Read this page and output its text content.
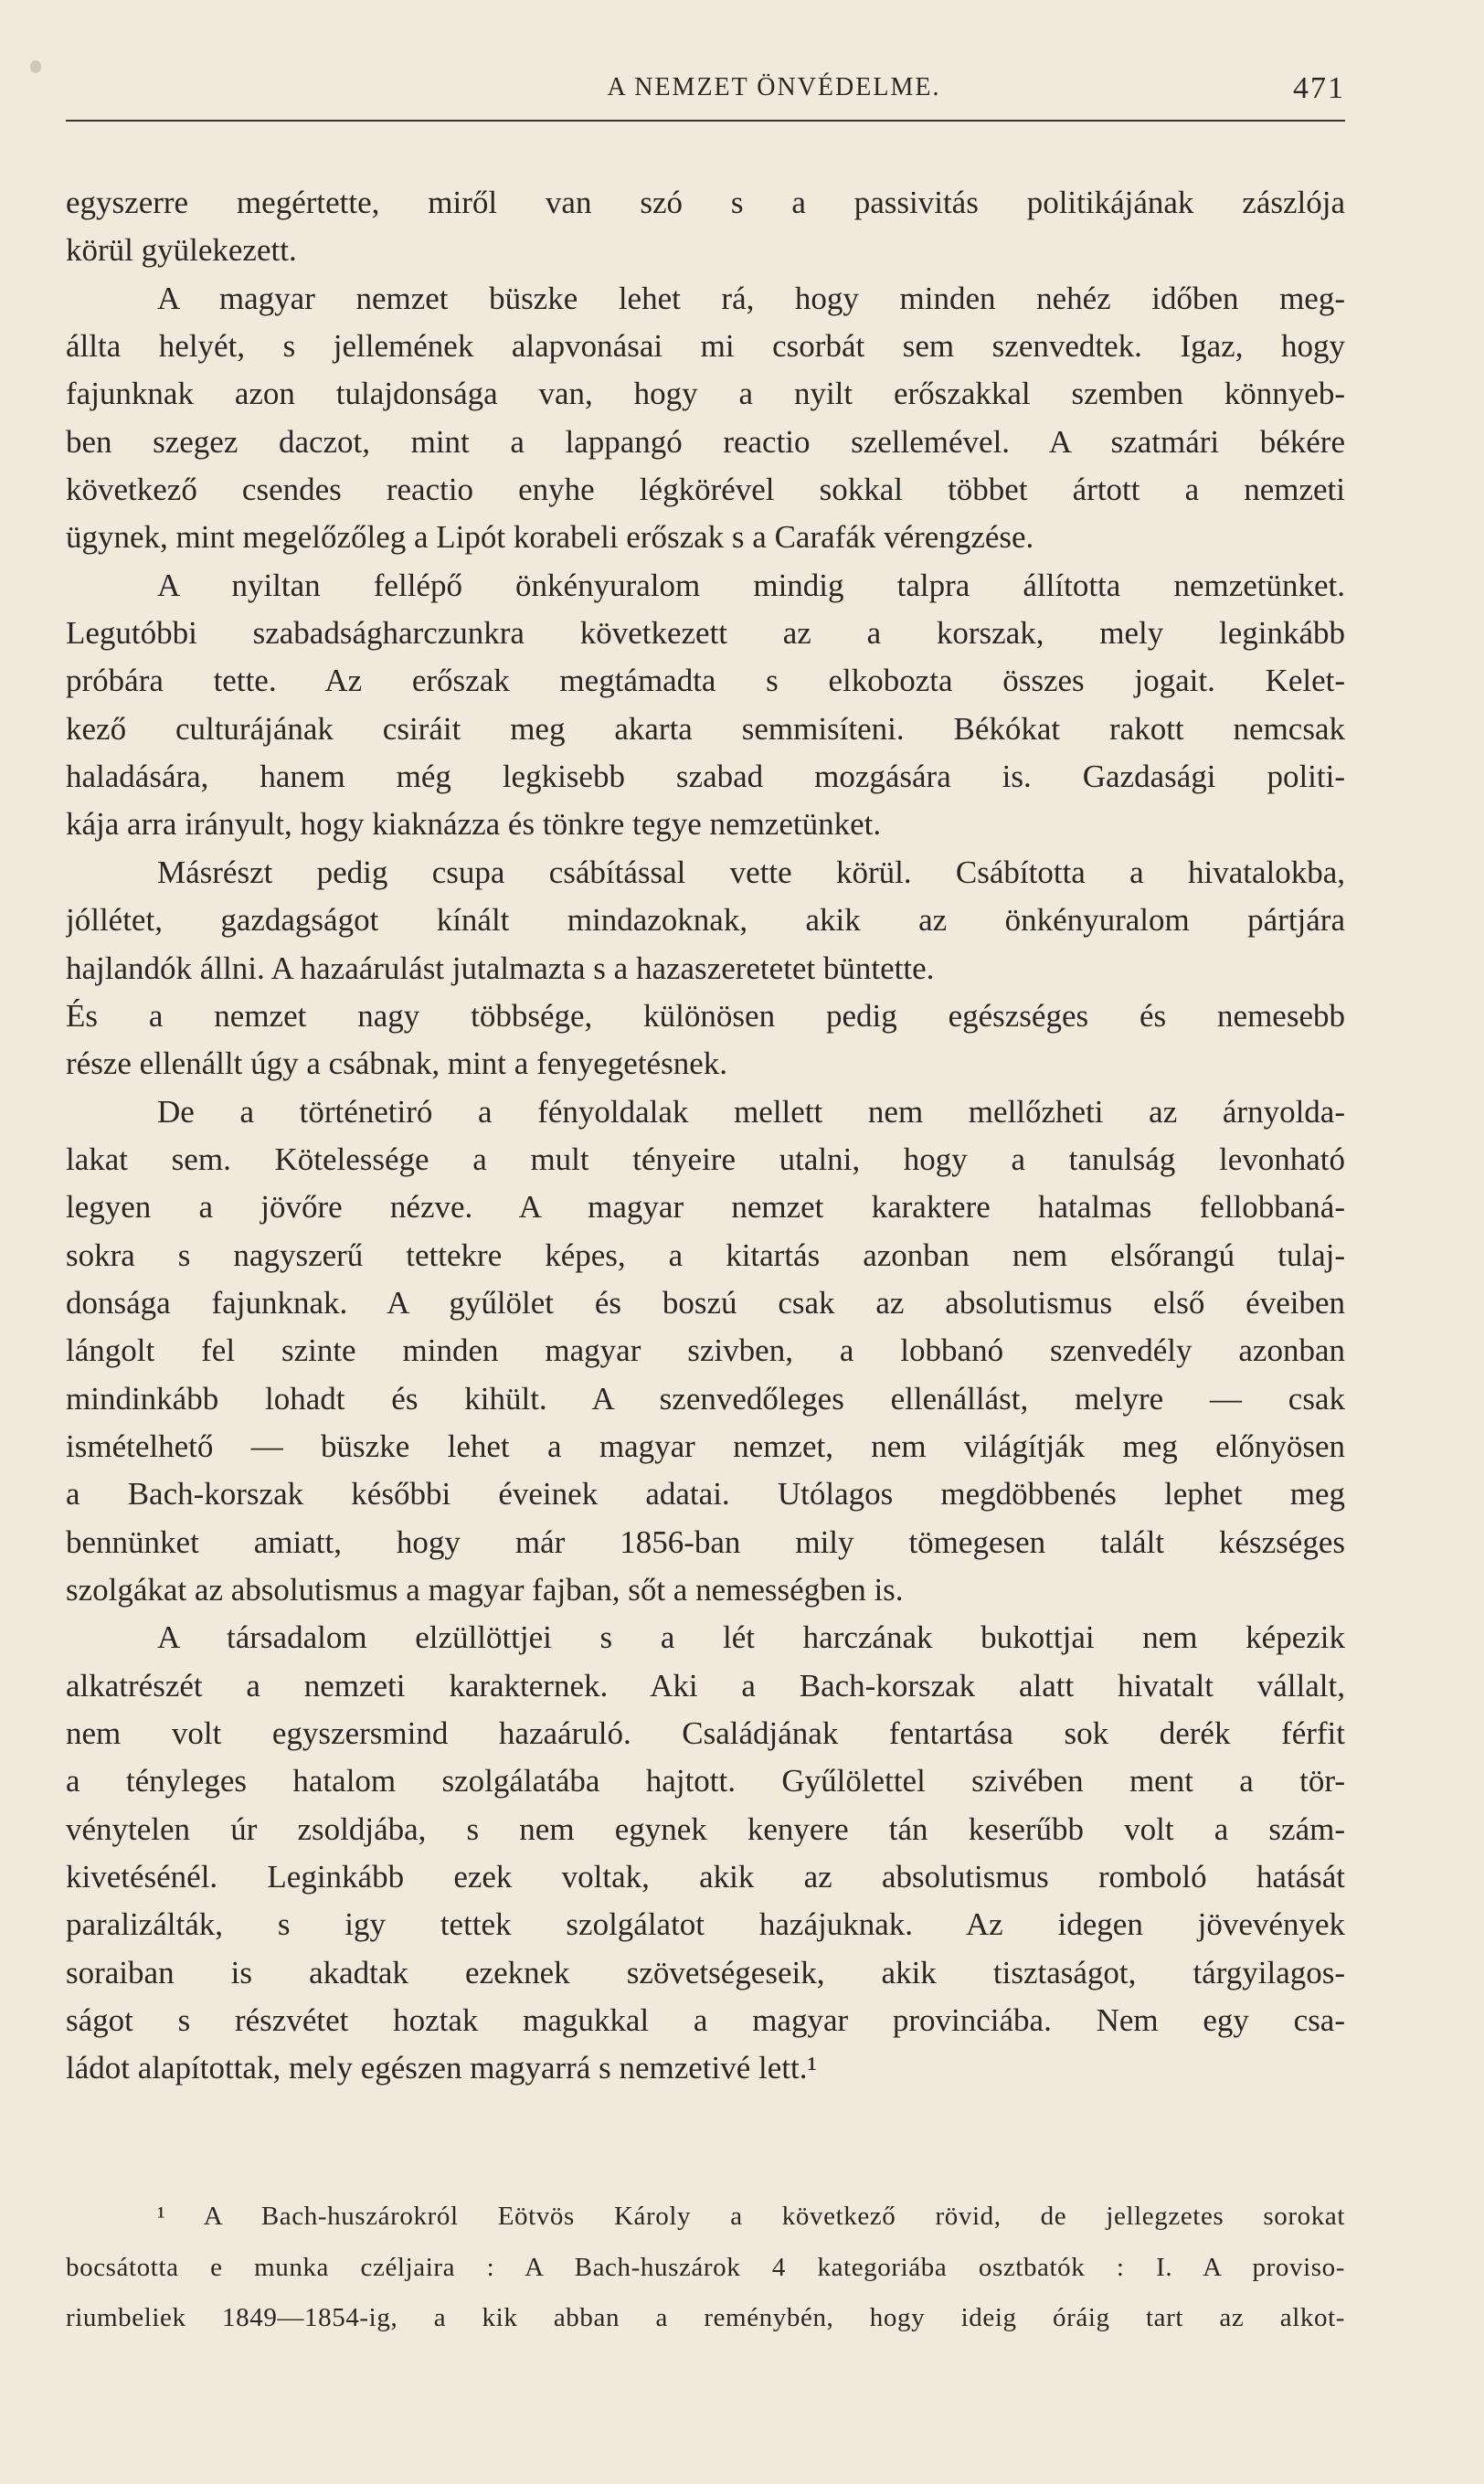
A NEMZET ÖNVÉDELME.	471
egyszerre megértette, miről van szó s a passivitás politikájának zászlója
körül gyülekezett.
A magyar nemzet büszke lehet rá, hogy minden nehéz időben meg-
állta helyét, s jellemének alapvonásai mi csorbát sem szenvedtek. Igaz, hogy
fajunknak azon tulajdonsága van, hogy a nyilt erőszakkal szemben könnyeb-
ben szegez daczot, mint a lappangó reactio szellemével. A szatmári békére
következő csendes reactio enyhe légkörével sokkal többet ártott a nemzeti
ügynek, mint megelőzőleg a Lipót korabeli erőszak s a Carafák vérengzése.
A nyiltan fellépő önkényuralom mindig talpra állította nemzetünket.
Legutóbbi szabadságharczunkra következett az a korszak, mely leginkább
próbára tette. Az erőszak megtámadta s elkobozta összes jogait. Kelet-
kező culturájának csiráit meg akarta semmisíteni. Békókat rakott nemcsak
haladására, hanem még legkisebb szabad mozgására is. Gazdasági politi-
kája arra irányult, hogy kiaknázza és tönkre tegye nemzetünket.
Másrészt pedig csupa csábítással vette körül. Csábította a hivatalokba,
jóllétet, gazdagságot kínált mindazoknak, akik az önkényuralom pártjára
hajlandók állni. A hazaárulást jutalmazta s a hazaszeretetet büntette.
És a nemzet nagy többsége, különösen pedig egészséges és nemesebb
része ellenállt úgy a csábnak, mint a fenyegetésnek.
De a történetiró a fényoldalak mellett nem mellőzheti az árnyolda-
lakat sem. Kötelessége a mult tényeire utalni, hogy a tanulság levonható
legyen a jövőre nézve. A magyar nemzet karaktere hatalmas fellobbaná-
sokra s nagyszerű tettekre képes, a kitartás azonban nem elsőrangú tulaj-
donsága fajunknak. A gyűlölet és boszú csak az absolutismus első éveiben
lángolt fel szinte minden magyar szivben, a lobbanó szenvedély azonban
mindinkább lohadt és kihült. A szenvedőleges ellenállást, melyre — csak
ismételhető — büszke lehet a magyar nemzet, nem világítják meg előnyösen
a Bach-korszak későbbi éveinek adatai. Utólagos megdöbbenés lephet meg
bennünket amiatt, hogy már 1856-ban mily tömegesen talált készséges
szolgákat az absolutismus a magyar fajban, sőt a nemességben is.
A társadalom elzüllöttjei s a lét harczának bukottjai nem képezik
alkatrészét a nemzeti karakternek. Aki a Bach-korszak alatt hivatalt vállalt,
nem volt egyszersmind hazaáruló. Családjának fentartása sok derék férfit
a tényleges hatalom szolgálatába hajtott. Gyűlölettel szivében ment a tör-
vénytelen úr zsoldjába, s nem egynek kenyere tán keserűbb volt a szám-
kivetésénél. Leginkább ezek voltak, akik az absolutismus romboló hatását
paralizálták, s igy tettek szolgálatot hazájuknak. Az idegen jövevények
soraiban is akadtak ezeknek szövetségeseik, akik tisztaságot, tárgyilagos-
ságot s részvétet hoztak magukkal a magyar provinciába. Nem egy csa-
ládot alapítottak, mely egészen magyarrá s nemzetivé lett.¹
¹ A Bach-huszárokról Eötvös Károly a következő rövid, de jellegzetes sorokat
bocsátotta e munka czéljaira : A Bach-huszárok 4 kategoriába osztbatók : I. A proviso-
riumbeliek 1849—1854-ig, a kik abban a reménybén, hogy ideig óráig tart az alkot-
